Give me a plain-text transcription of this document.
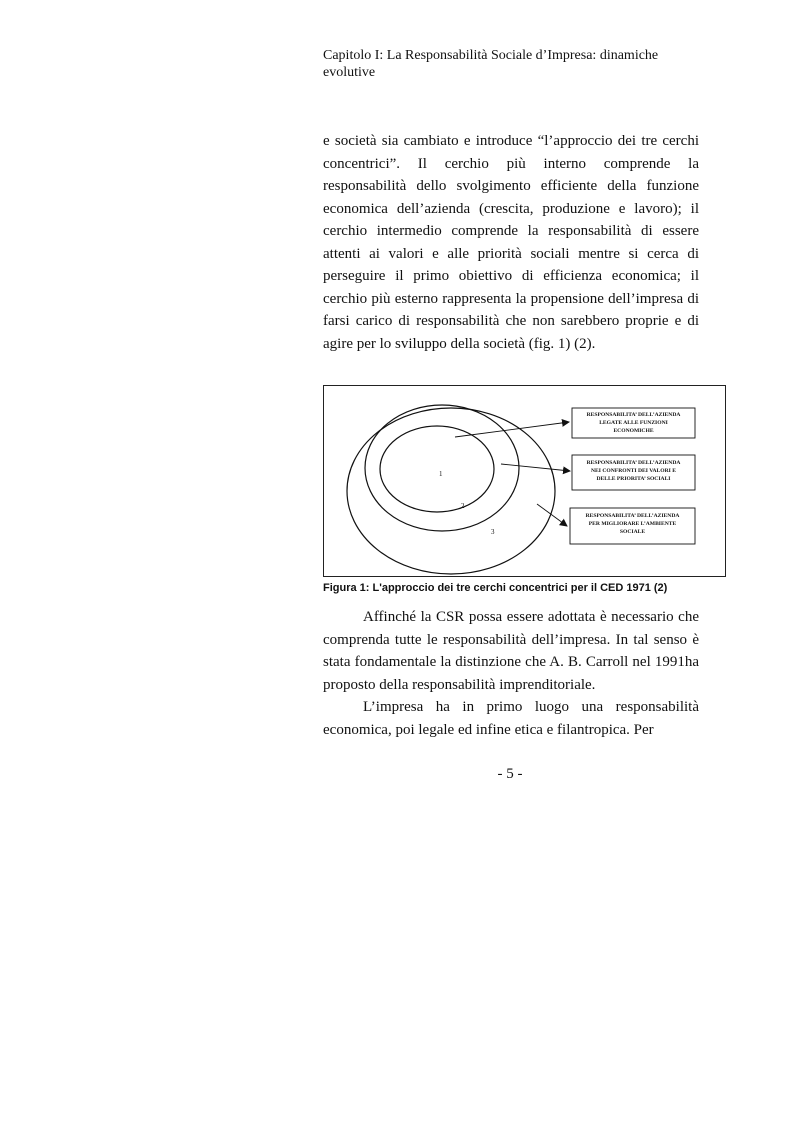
Capitolo I: La Responsabilità Sociale d’Impresa: dinamiche evolutive

e società sia cambiato e introduce “l’approccio dei tre cerchi concentrici”. Il cerchio più interno comprende la responsabilità dello svolgimento efficiente della funzione economica dell’azienda (crescita, produzione e lavoro); il cerchio intermedio comprende la responsabilità di essere attenti ai valori e alle priorità sociali mentre si cerca di perseguire il primo obiettivo di efficienza economica; il cerchio più esterno rappresenta la propensione dell’impresa di farsi carico di responsabilità che non sarebbero proprie e di agire per lo sviluppo della società (fig. 1) (2).

1
2
3
RESPONSABILITA’ DELL’AZIENDA
LEGATE ALLE FUNZIONI
ECONOMICHE
RESPONSABILITA’ DELL’AZIENDA
NEI CONFRONTI DEI VALORI E
DELLE PRIORITA’ SOCIALI
RESPONSABILITA’ DELL’AZIENDA
PER MIGLIORARE L’AMBIENTE
SOCIALE
Figura 1: L'approccio dei tre cerchi concentrici per il CED 1971 (2)

Affinché la CSR possa essere adottata è necessario che comprenda tutte le responsabilità dell’impresa. In tal senso è stata fondamentale la distinzione che A. B. Carroll nel 1991ha proposto della responsabilità imprenditoriale.

L’impresa ha in primo luogo una responsabilità economica, poi legale ed infine etica e filantropica. Per

- 5 -
